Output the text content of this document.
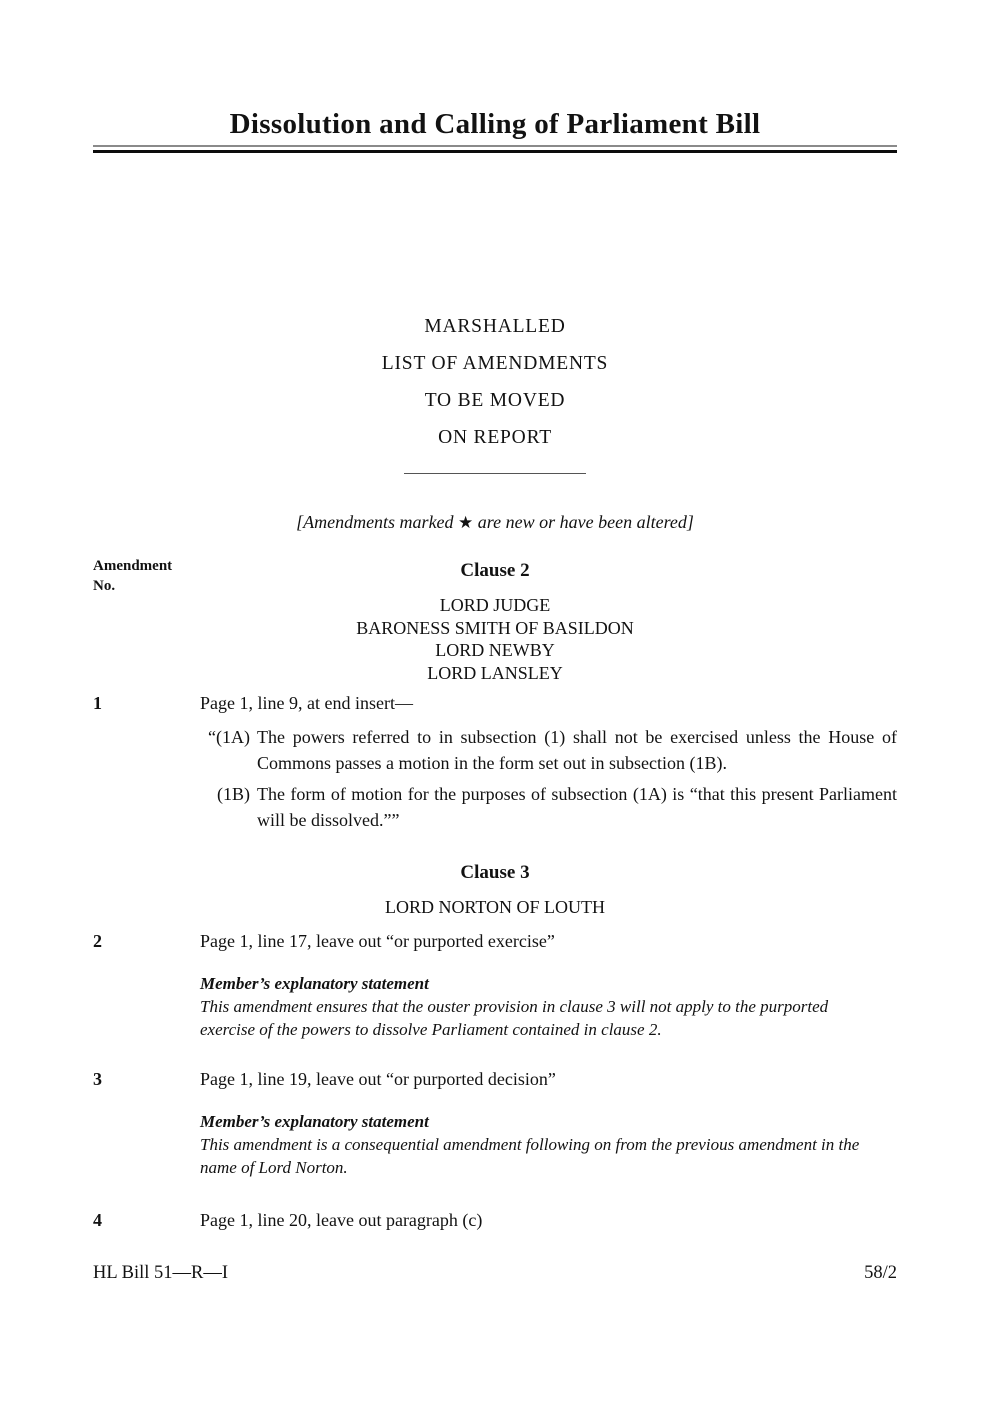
Dissolution and Calling of Parliament Bill
MARSHALLED
LIST OF AMENDMENTS
TO BE MOVED
ON REPORT
[Amendments marked ★ are new or have been altered]
Amendment
No.
Clause 2
LORD JUDGE
BARONESS SMITH OF BASILDON
LORD NEWBY
LORD LANSLEY
1	Page 1, line 9, at end insert—
“(1A) The powers referred to in subsection (1) shall not be exercised unless the House of Commons passes a motion in the form set out in subsection (1B).
(1B) The form of motion for the purposes of subsection (1A) is “that this present Parliament will be dissolved.””
Clause 3
LORD NORTON OF LOUTH
2	Page 1, line 17, leave out “or purported exercise”
Member’s explanatory statement
This amendment ensures that the ouster provision in clause 3 will not apply to the purported exercise of the powers to dissolve Parliament contained in clause 2.
3	Page 1, line 19, leave out “or purported decision”
Member’s explanatory statement
This amendment is a consequential amendment following on from the previous amendment in the name of Lord Norton.
4	Page 1, line 20, leave out paragraph (c)
HL Bill 51—R—I	58/2
